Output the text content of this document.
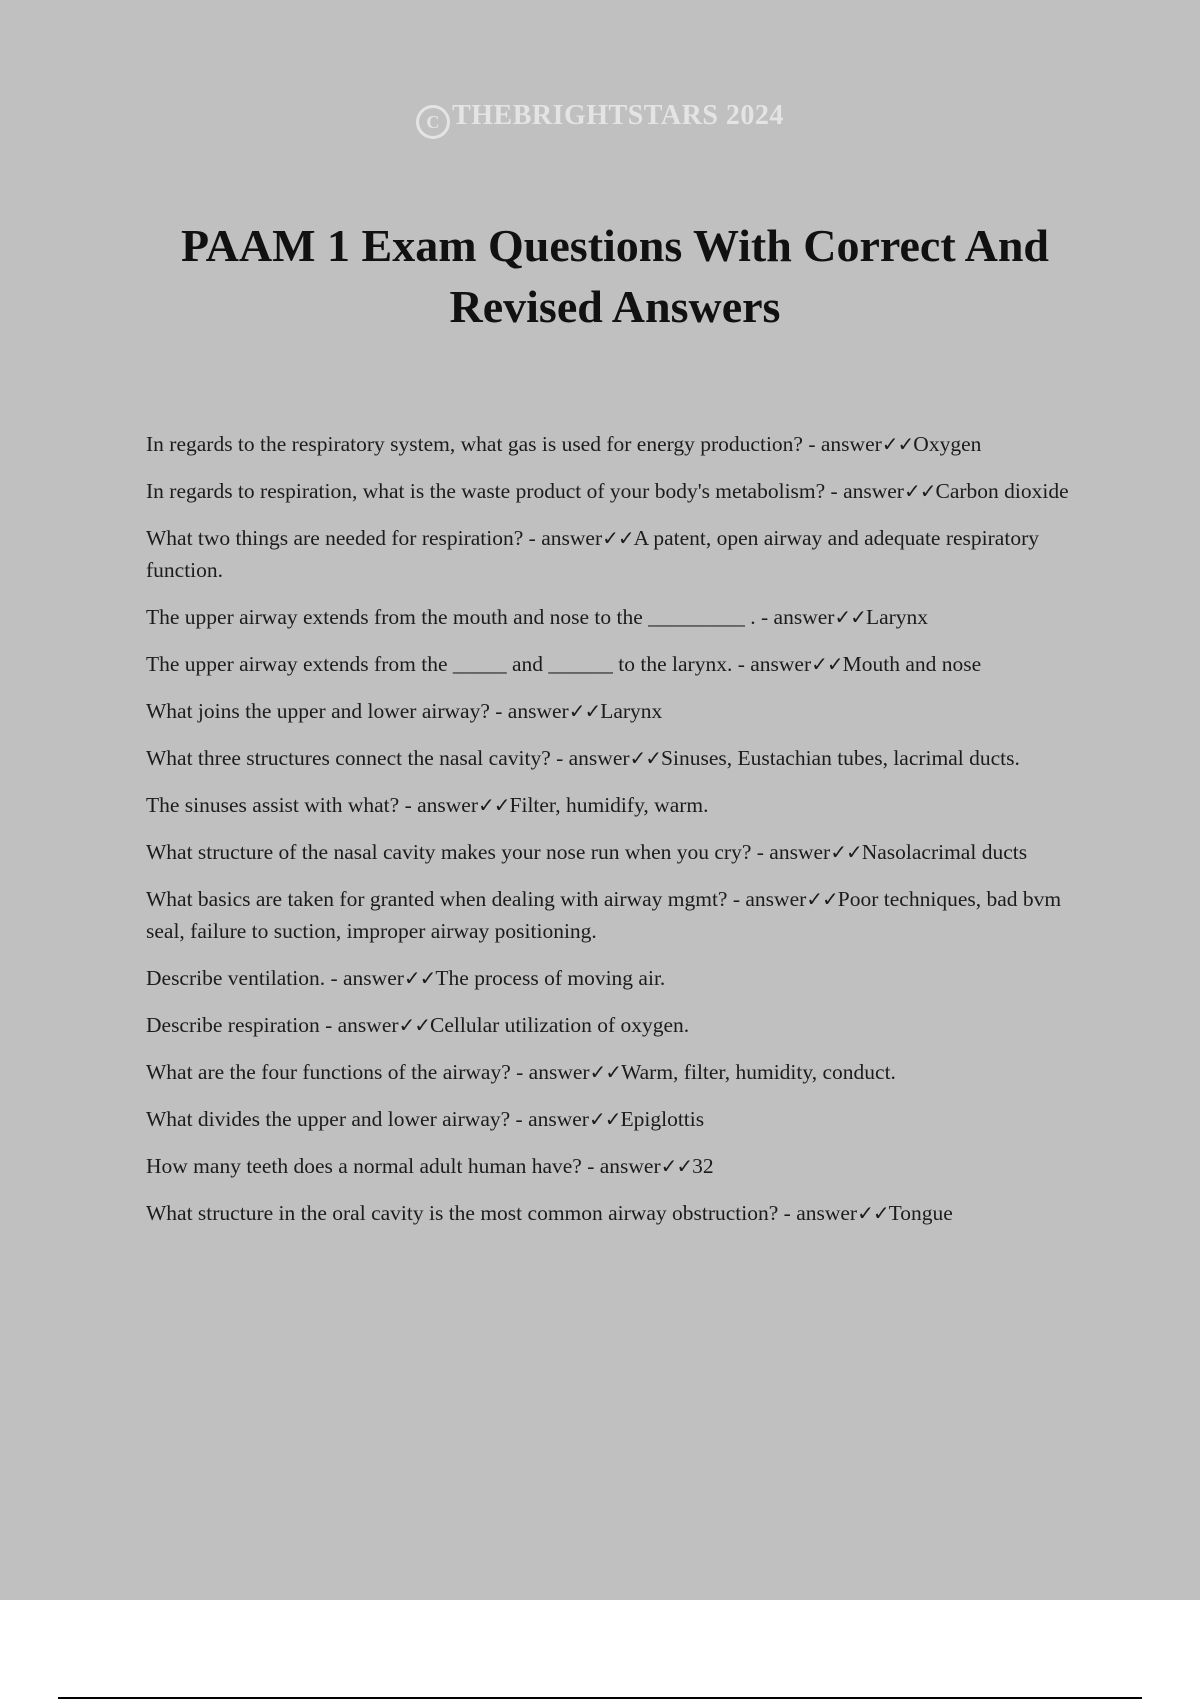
C THEBRIGHTSTARS 2024
PAAM 1 Exam Questions With Correct And Revised Answers
In regards to the respiratory system, what gas is used for energy production? - answer✓✓Oxygen
In regards to respiration, what is the waste product of your body's metabolism? - answer✓✓Carbon dioxide
What two things are needed for respiration? - answer✓✓A patent, open airway and adequate respiratory function.
The upper airway extends from the mouth and nose to the _________ . - answer✓✓Larynx
The upper airway extends from the _____ and ______ to the larynx. - answer✓✓Mouth and nose
What joins the upper and lower airway? - answer✓✓Larynx
What three structures connect the nasal cavity? - answer✓✓Sinuses, Eustachian tubes, lacrimal ducts.
The sinuses assist with what? - answer✓✓Filter, humidify, warm.
What structure of the nasal cavity makes your nose run when you cry? - answer✓✓Nasolacrimal ducts
What basics are taken for granted when dealing with airway mgmt? - answer✓✓Poor techniques, bad bvm seal, failure to suction, improper airway positioning.
Describe ventilation. - answer✓✓The process of moving air.
Describe respiration - answer✓✓Cellular utilization of oxygen.
What are the four functions of the airway? - answer✓✓Warm, filter, humidity, conduct.
What divides the upper and lower airway? - answer✓✓Epiglottis
How many teeth does a normal adult human have? - answer✓✓32
What structure in the oral cavity is the most common airway obstruction? - answer✓✓Tongue
